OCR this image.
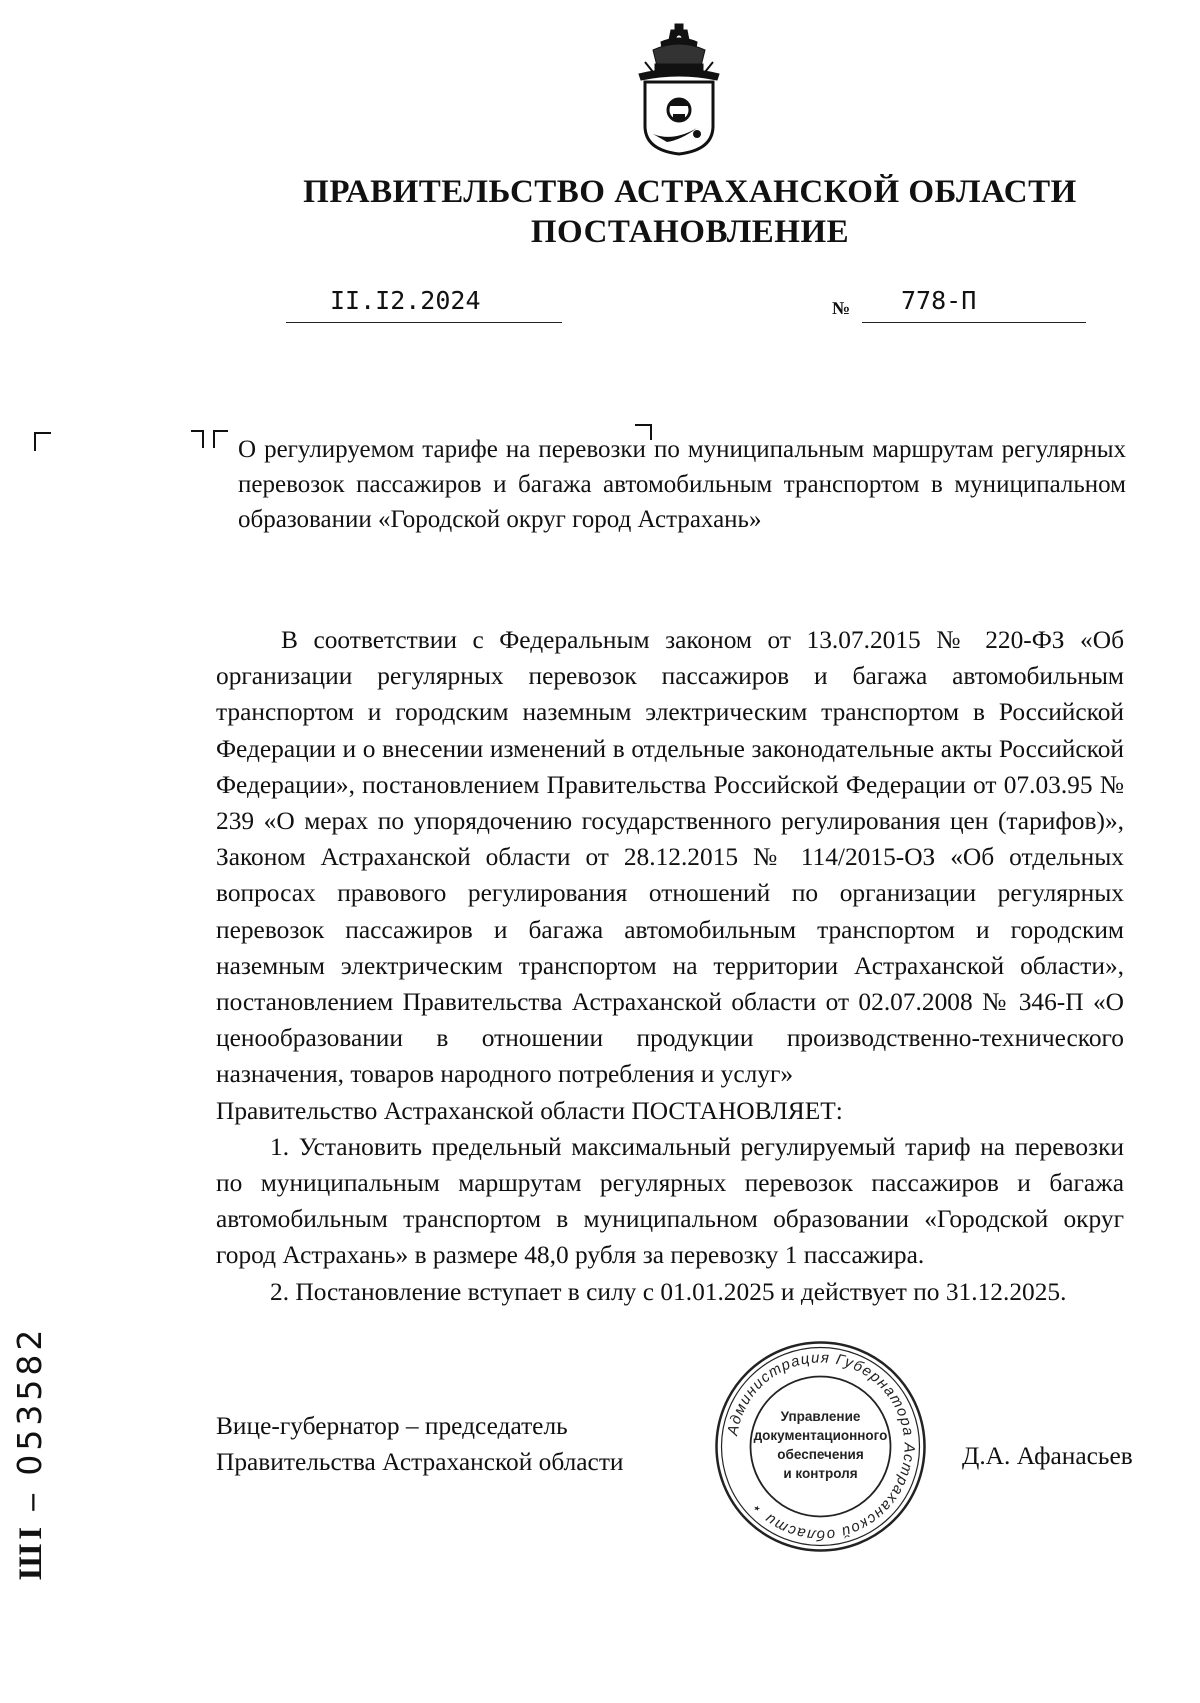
ПРАВИТЕЛЬСТВО АСТРАХАНСКОЙ ОБЛАСТИ
ПОСТАНОВЛЕНИЕ
II.I2.2024	№ 778-П
О регулируемом тарифе на перевозки по муниципальным маршрутам регулярных перевозок пассажиров и багажа автомобильным транспортом в муниципальном образовании «Городской округ город Астрахань»

В соответствии с Федеральным законом от 13.07.2015 № 220-ФЗ «Об организации регулярных перевозок пассажиров и багажа автомобильным транспортом и городским наземным электрическим транспортом в Российской Федерации и о внесении изменений в отдельные законодательные акты Российской Федерации», постановлением Правительства Российской Федерации от 07.03.95 № 239 «О мерах по упорядочению государственного регулирования цен (тарифов)», Законом Астраханской области от 28.12.2015 № 114/2015-ОЗ «Об отдельных вопросах правового регулирования отношений по организации регулярных перевозок пассажиров и багажа автомобильным транспортом и городским наземным электрическим транспортом на территории Астраханской области», постановлением Правительства Астраханской области от 02.07.2008 № 346-П «О ценообразовании в отношении продукции производственно-технического назначения, товаров народного потребления и услуг»

Правительство Астраханской области ПОСТАНОВЛЯЕТ:

1. Установить предельный максимальный регулируемый тариф на перевозки по муниципальным маршрутам регулярных перевозок пассажиров и багажа автомобильным транспортом в муниципальном образовании «Городской округ город Астрахань» в размере 48,0 рубля за перевозку 1 пассажира.

2. Постановление вступает в силу с 01.01.2025 и действует по 31.12.2025.

Вице-губернатор – председатель
Правительства Астраханской области
Администрация Губернатора Астраханской области ⋆
Управление
документационного
обеспечения
и контроля
Д.А. Афанасьев
ШI – 053582
